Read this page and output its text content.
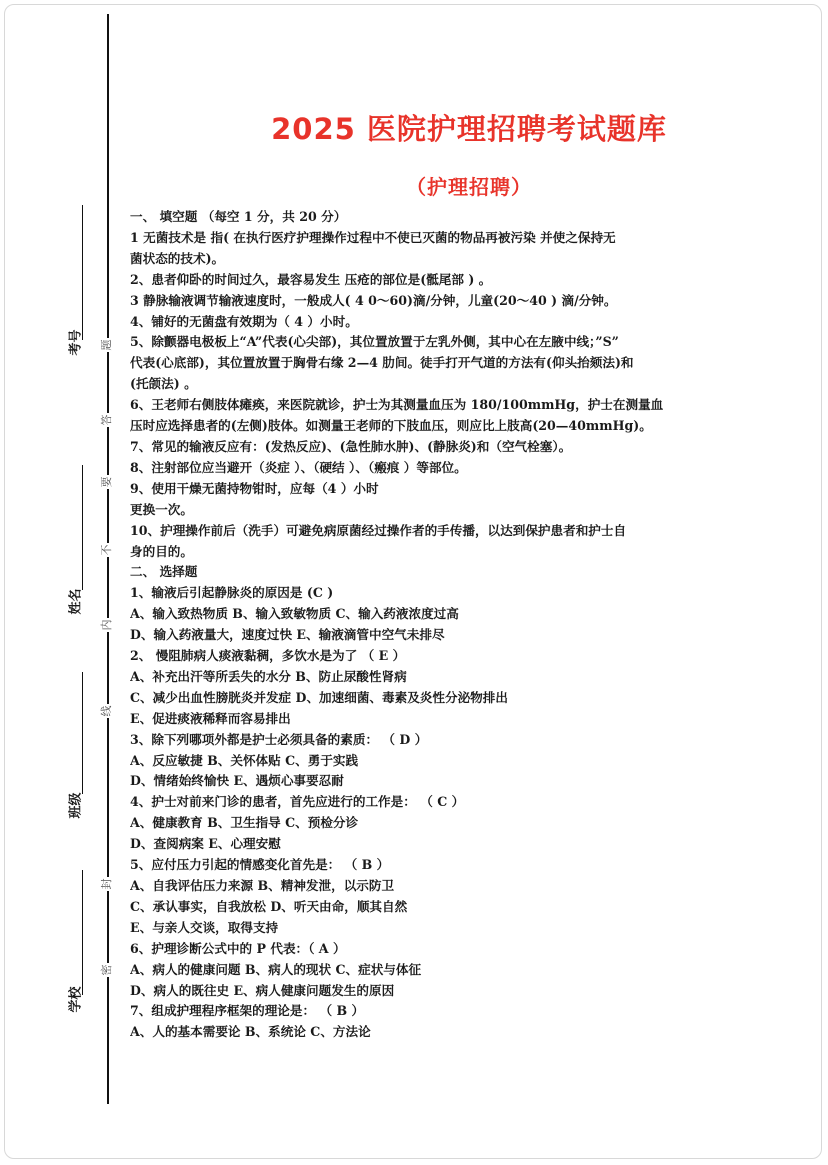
考号
姓名
班级
学校
题
答
要
不
内
线
封
密
2025 医院护理招聘考试题库
（护理招聘）
一、 填空题 （每空 1 分，共 20 分）
1 无菌技术是 指( 在执行医疗护理操作过程中不使已灭菌的物品再被污染 并使之保持无
菌状态的技术)。
2、患者仰卧的时间过久，最容易发生 压疮的部位是(骶尾部 ) 。
3 静脉输液调节输液速度时，一般成人( 4 0～60)滴/分钟，儿童(20～40 ) 滴/分钟。
4、铺好的无菌盘有效期为（ 4 ）小时。
5、除颤器电极板上“A”代表(心尖部)，其位置放置于左乳外侧，其中心在左腋中线；”S”
代表(心底部)，其位置放置于胸骨右缘 2—4 肋间。徒手打开气道的方法有(仰头抬颏法)和
(托颌法) 。
6、王老师右侧肢体瘫痪，来医院就诊，护士为其测量血压为 180/100mmHg，护士在测量血
压时应选择患者的(左侧)肢体。如测量王老师的下肢血压，则应比上肢高(20—40mmHg)。
7、常见的输液反应有：(发热反应)、(急性肺水肿)、(静脉炎)和（空气栓塞）。
8、注射部位应当避开（炎症 ）、（硬结 ）、（瘢痕 ）等部位。
9、使用干燥无菌持物钳时，应每（4 ）小时
更换一次。
10、护理操作前后（洗手）可避免病原菌经过操作者的手传播，以达到保护患者和护士自
身的目的。
二、 选择题
1、输液后引起静脉炎的原因是 (C )
A、输入致热物质 B、输入致敏物质 C、输入药液浓度过高
D、输入药液量大，速度过快 E、输液滴管中空气未排尽
2、 慢阻肺病人痰液黏稠，多饮水是为了 （ E ）
A、补充出汗等所丢失的水分 B、防止尿酸性肾病
C、减少出血性膀胱炎并发症 D、加速细菌、毒素及炎性分泌物排出
E、促进痰液稀释而容易排出
3、除下列哪项外都是护士必须具备的素质： （ D ）
A、反应敏捷 B、关怀体贴 C、勇于实践
D、情绪始终愉快 E、遇烦心事要忍耐
4、护士对前来门诊的患者，首先应进行的工作是： （ C ）
A、健康教育 B、卫生指导 C、预检分诊
D、查阅病案 E、心理安慰
5、应付压力引起的情感变化首先是： （ B ）
A、自我评估压力来源 B、精神发泄，以示防卫
C、承认事实，自我放松 D、听天由命，顺其自然
E、与亲人交谈，取得支持
6、护理诊断公式中的 P 代表：（ A ）
A、病人的健康问题 B、病人的现状 C、症状与体征
D、病人的既往史 E、病人健康问题发生的原因
7、组成护理程序框架的理论是： （ B ）
A、人的基本需要论 B、系统论 C、方法论
